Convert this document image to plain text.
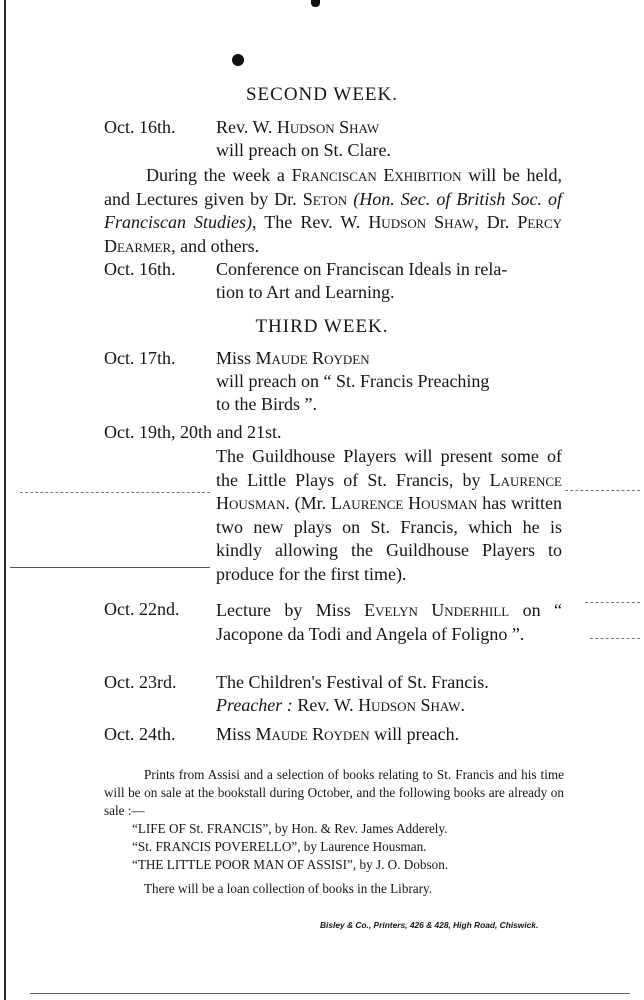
SECOND WEEK.
Oct. 16th. Rev. W. Hudson Shaw
will preach on St. Clare.
During the week a Franciscan Exhibition will be held, and Lectures given by Dr. Seton (Hon. Sec. of British Soc. of Franciscan Studies), The Rev. W. Hudson Shaw, Dr. Percy Dearmer, and others.
Oct. 16th. Conference on Franciscan Ideals in rela-
tion to Art and Learning.
THIRD WEEK.
Oct. 17th. Miss Maude Royden
will preach on “ St. Francis Preaching
to the Birds ”.
Oct. 19th, 20th and 21st.
The Guildhouse Players will present some of the Little Plays of St. Francis, by Laurence Housman. (Mr. Laurence Housman has written two new plays on St. Francis, which he is kindly allowing the Guildhouse Players to produce for the first time).
Oct. 22nd. Lecture by Miss Evelyn Underhill on “ Jacopone da Todi and Angela of Foligno ”.
Oct. 23rd. The Children's Festival of St. Francis.
Preacher : Rev. W. Hudson Shaw.
Oct. 24th. Miss Maude Royden will preach.
Prints from Assisi and a selection of books relating to St. Francis and his time will be on sale at the bookstall during October, and the following books are already on sale :—
“LIFE OF St. FRANCIS”, by Hon. & Rev. James Adderely.
“St. FRANCIS POVERELLO”, by Laurence Housman.
“THE LITTLE POOR MAN OF ASSISI”, by J. O. Dobson.
There will be a loan collection of books in the Library.
Bisley & Co., Printers, 426 & 428, High Road, Chiswick.
